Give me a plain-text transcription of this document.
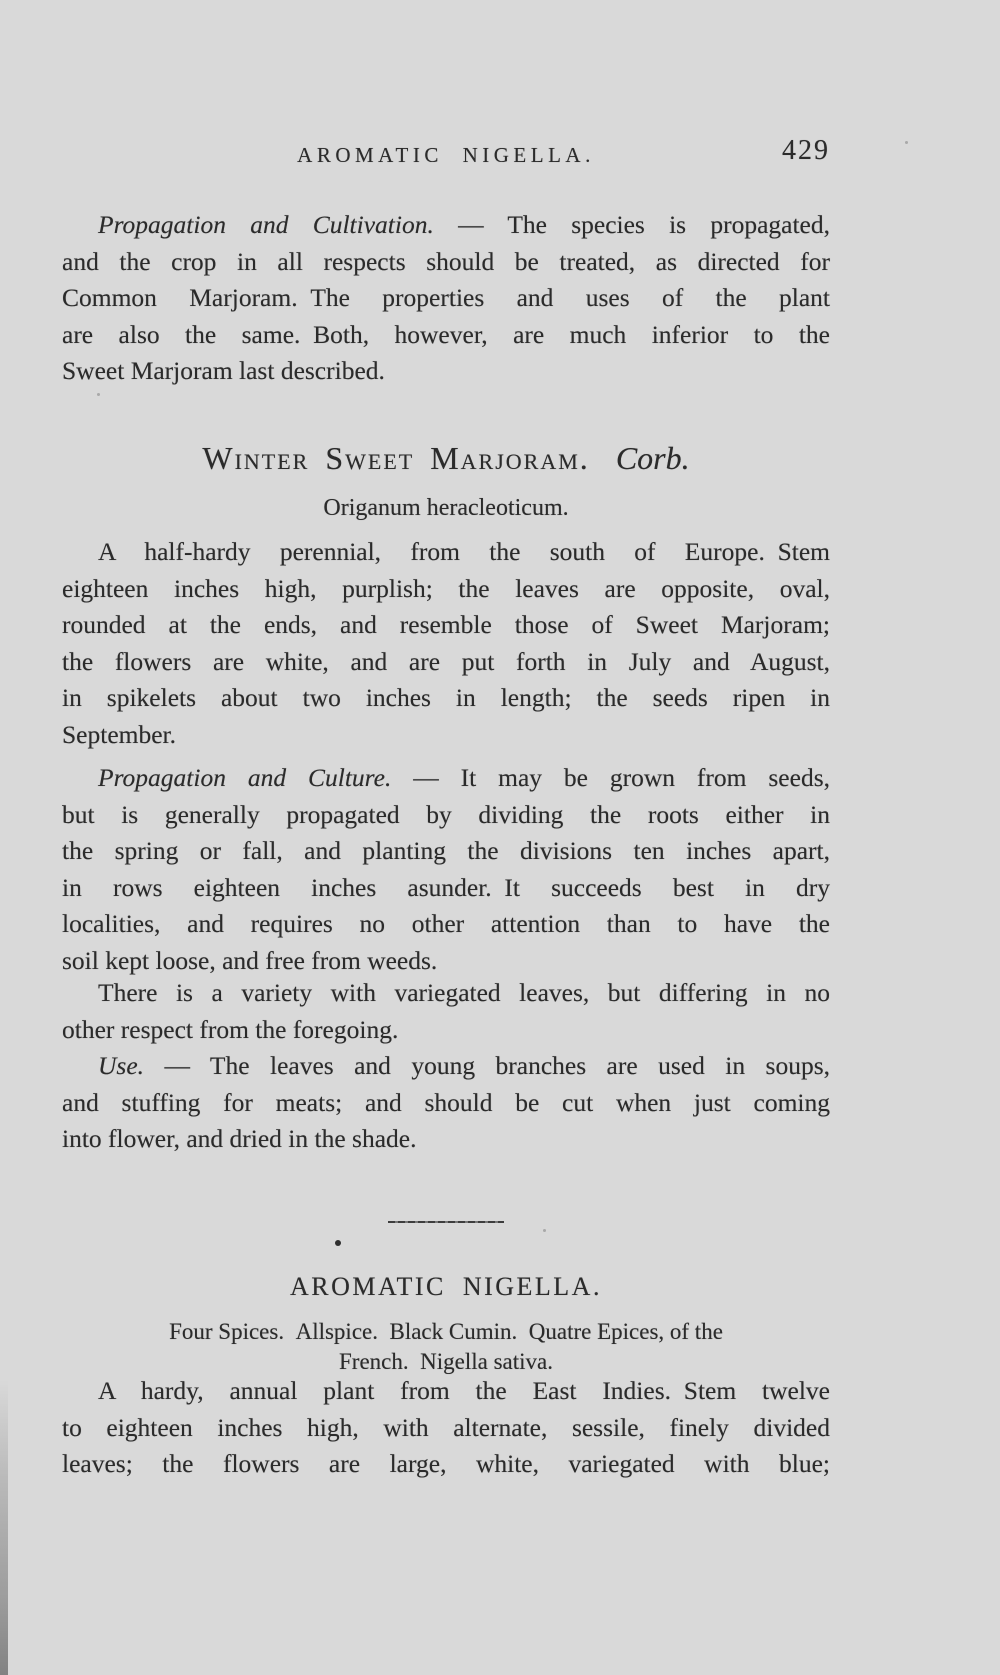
AROMATIC NIGELLA.	429
Propagation and Cultivation. — The species is propagated,
and the crop in all respects should be treated, as directed for
Common Marjoram. The properties and uses of the plant
are also the same. Both, however, are much inferior to the
Sweet Marjoram last described.
Winter Sweet Marjoram. Corb.
Origanum heracleoticum.
A half-hardy perennial, from the south of Europe. Stem
eighteen inches high, purplish; the leaves are opposite, oval,
rounded at the ends, and resemble those of Sweet Marjoram;
the flowers are white, and are put forth in July and August,
in spikelets about two inches in length; the seeds ripen in
September.
Propagation and Culture. — It may be grown from seeds,
but is generally propagated by dividing the roots either in
the spring or fall, and planting the divisions ten inches apart,
in rows eighteen inches asunder. It succeeds best in dry
localities, and requires no other attention than to have the
soil kept loose, and free from weeds.
There is a variety with variegated leaves, but differing in no
other respect from the foregoing.
Use. — The leaves and young branches are used in soups,
and stuffing for meats; and should be cut when just coming
into flower, and dried in the shade.
AROMATIC NIGELLA.
Four Spices. Allspice. Black Cumin. Quatre Epices, of the
French. Nigella sativa.
A hardy, annual plant from the East Indies. Stem twelve
to eighteen inches high, with alternate, sessile, finely divided
leaves; the flowers are large, white, variegated with blue;
